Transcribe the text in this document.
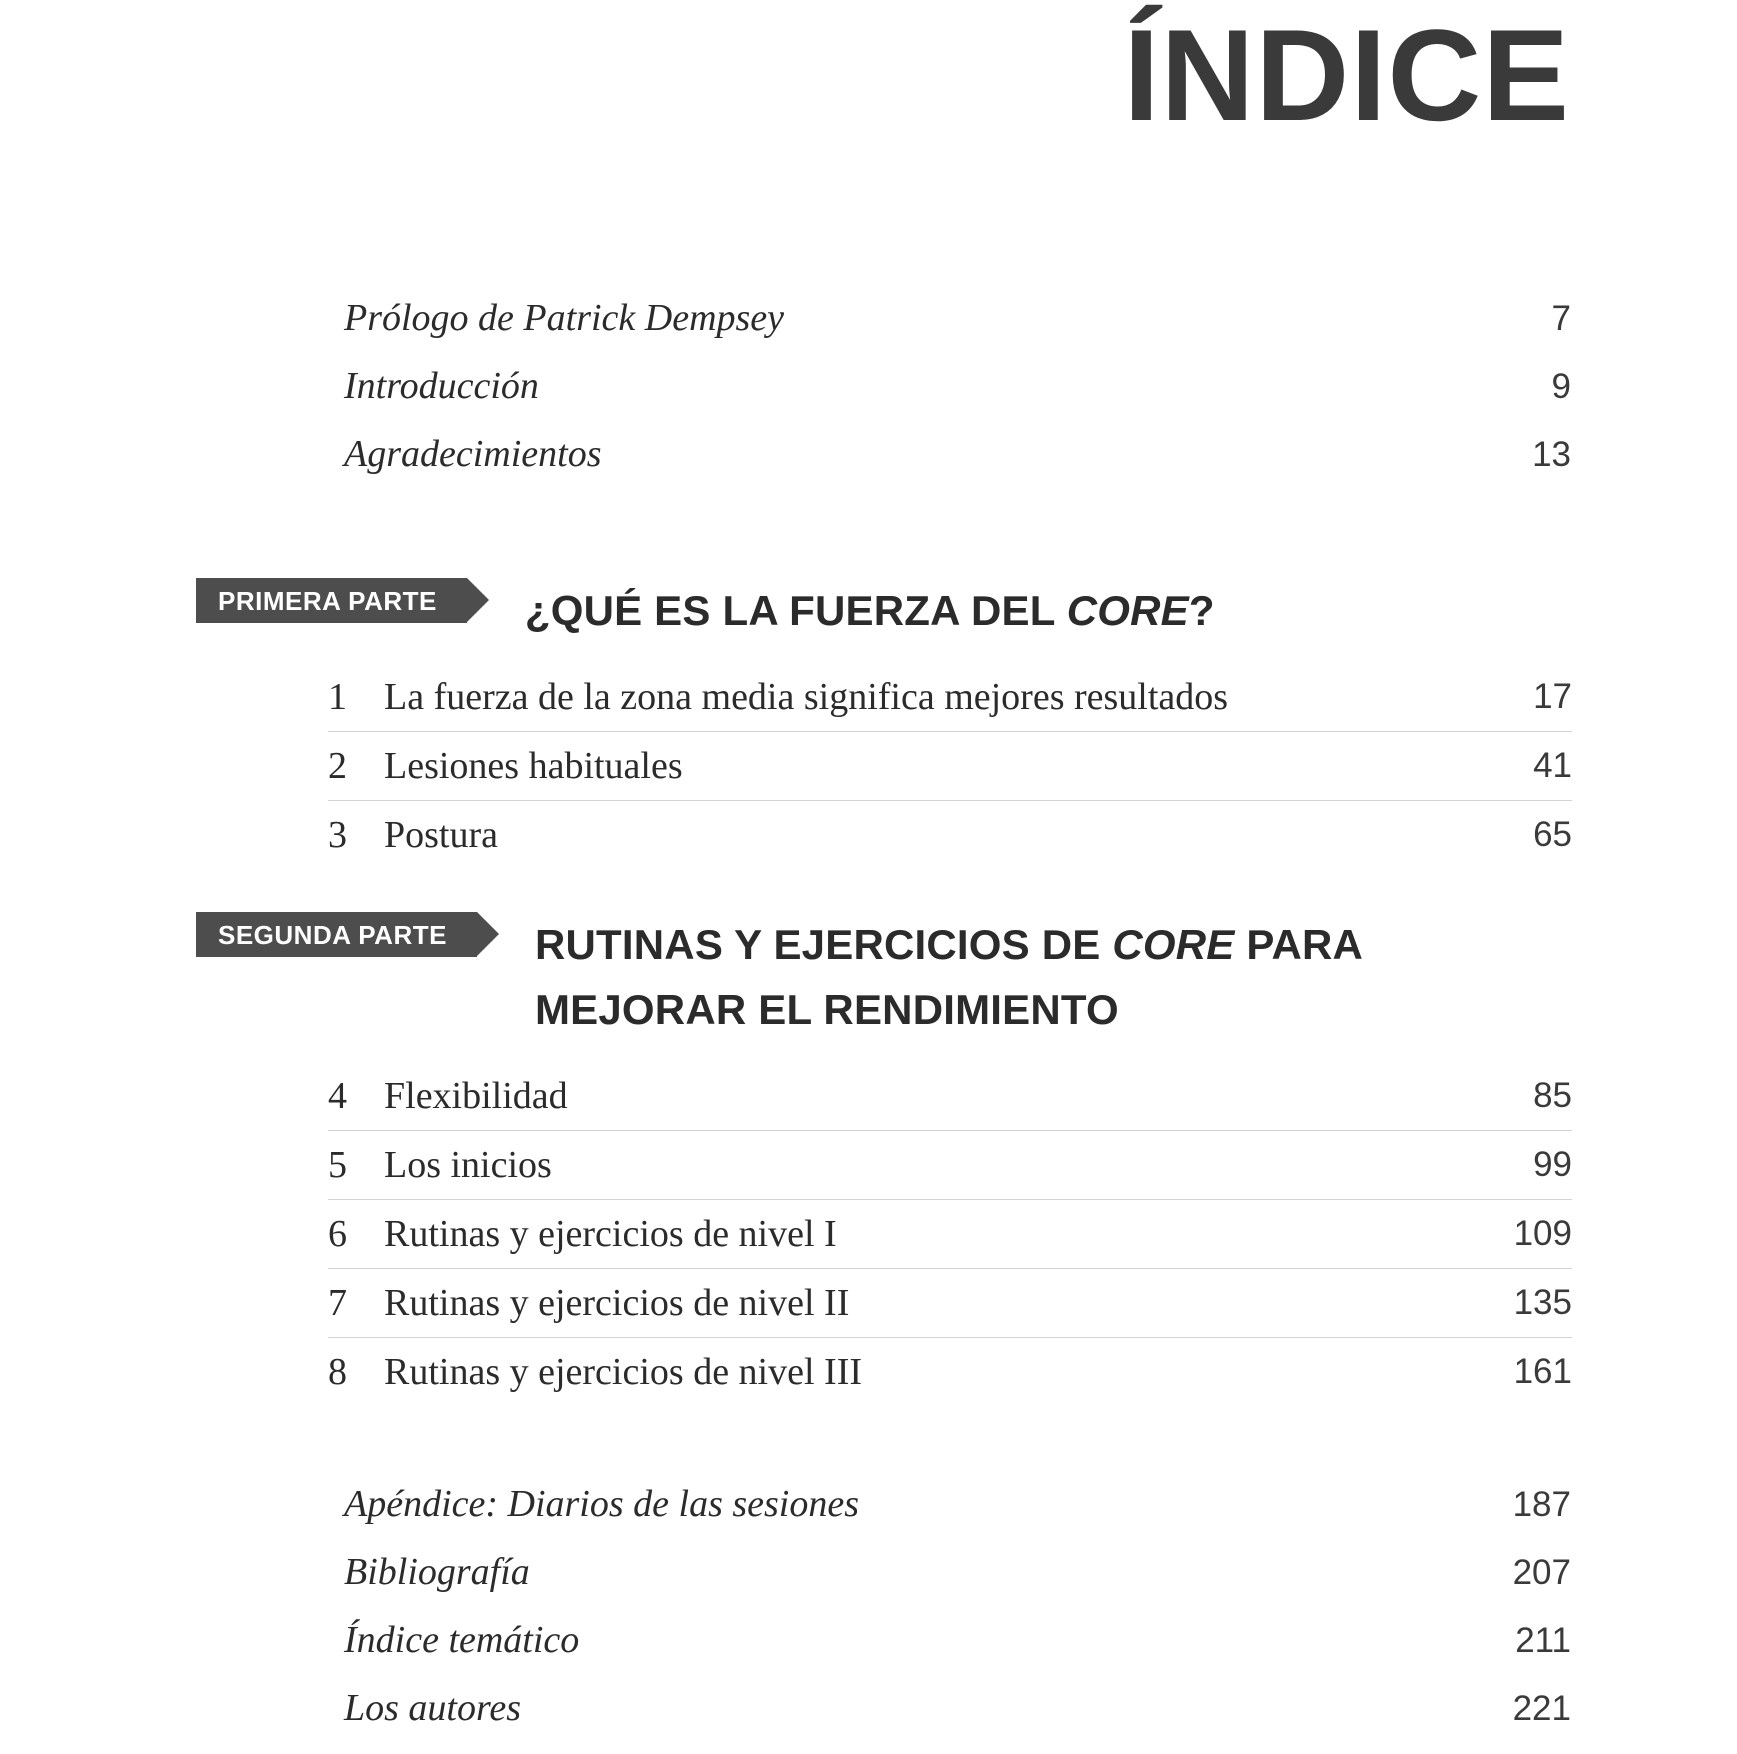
ÍNDICE
Prólogo de Patrick Dempsey	7
Introducción	9
Agradecimientos	13
PRIMERA PARTE	¿QUÉ ES LA FUERZA DEL CORE?
1 La fuerza de la zona media significa mejores resultados	17
2 Lesiones habituales	41
3 Postura	65
SEGUNDA PARTE	RUTINAS Y EJERCICIOS DE CORE PARA MEJORAR EL RENDIMIENTO
4 Flexibilidad	85
5 Los inicios	99
6 Rutinas y ejercicios de nivel I	109
7 Rutinas y ejercicios de nivel II	135
8 Rutinas y ejercicios de nivel III	161
Apéndice: Diarios de las sesiones	187
Bibliografía	207
Índice temático	211
Los autores	221
